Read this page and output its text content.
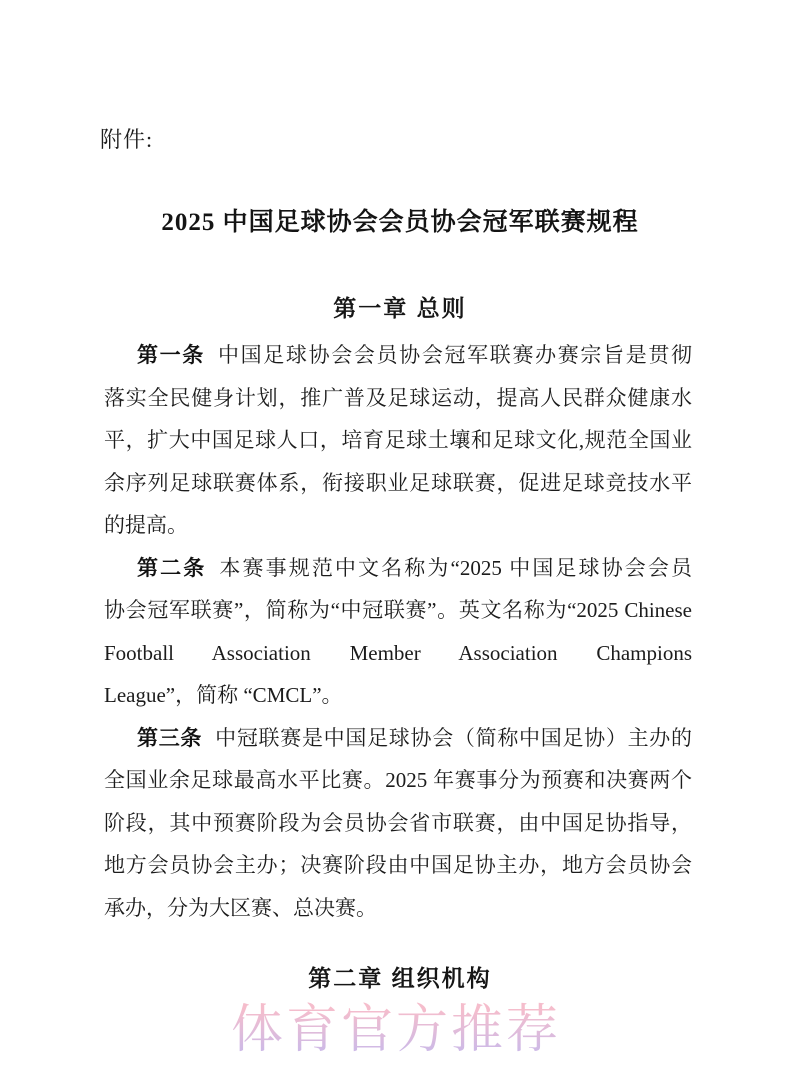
附件:
2025 中国足球协会会员协会冠军联赛规程
第一章 总则
第一条 中国足球协会会员协会冠军联赛办赛宗旨是贯彻
落实全民健身计划，推广普及足球运动，提高人民群众健康水
平，扩大中国足球人口，培育足球土壤和足球文化,规范全国业
余序列足球联赛体系，衔接职业足球联赛，促进足球竞技水平
的提高。
第二条 本赛事规范中文名称为“2025 中国足球协会会员
协会冠军联赛”，简称为“中冠联赛”。英文名称为“2025 Chinese
Football Association Member Association Champions
League”，简称 “CMCL”。
第三条 中冠联赛是中国足球协会（简称中国足协）主办的
全国业余足球最高水平比赛。2025 年赛事分为预赛和决赛两个
阶段，其中预赛阶段为会员协会省市联赛，由中国足协指导，
地方会员协会主办；决赛阶段由中国足协主办，地方会员协会
承办，分为大区赛、总决赛。
第二章 组织机构
体育官方推荐
